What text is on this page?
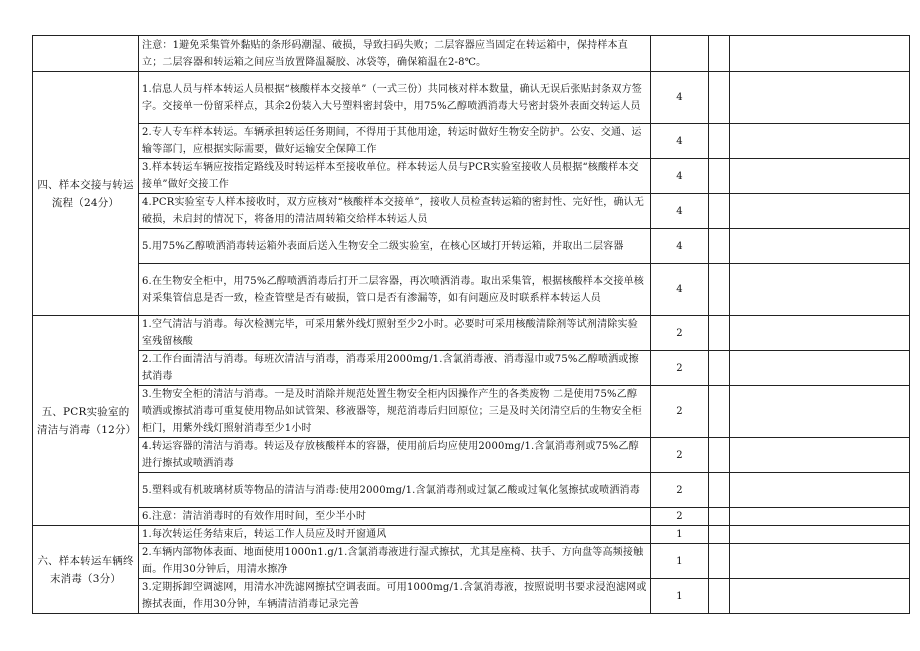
	注意：1避免采集管外黏贴的条形码潮湿、破损，导致扫码失败；二层容器应当固定在转运箱中，保持样本直立；二层容器和转运箱之间应当放置降温凝胶、冰袋等，确保箱温在2-8℃。			
四、样本交接与转运流程（24分）	1.信息人员与样本转运人员根据“核酸样本交接单”（一式三份）共同核对样本数量，确认无误后张贴封条双方签字。交接单一份留采样点，其余2份装入大号塑料密封袋中，用75%乙醇喷洒消毒大号密封袋外表面交转运人员	4		
	2.专人专车样本转运。车辆承担转运任务期间，不得用于其他用途，转运时做好生物安全防护。公安、交通、运输等部门，应根据实际需要，做好运输安全保障工作	4		
	3.样本转运车辆应按指定路线及时转运样本至接收单位。样本转运人员与PCR实验室接收人员根据“核酸样本交接单”做好交接工作	4		
	4.PCR实验室专人样本接收时，双方应核对“核酸样本交接单”，接收人员检查转运箱的密封性、完好性，确认无破损，未启封的情况下，将备用的清洁周转箱交给样本转运人员	4		
	5.用75%乙醇喷洒消毒转运箱外表面后送入生物安全二级实验室，在核心区域打开转运箱，并取出二层容器	4		
	6.在生物安全柜中，用75%乙醇喷洒消毒后打开二层容器，再次喷洒消毒。取出采集管，根据核酸样本交接单核对采集管信息是否一致，检查管壁是否有破损，管口是否有渗漏等，如有问题应及时联系样本转运人员	4		
五、PCR实验室的清洁与消毒（12分）	1.空气清洁与消毒。每次检测完毕，可采用紫外线灯照射至少2小时。必要时可采用核酸清除剂等试剂清除实验室残留核酸	2		
	2.工作台面清洁与消毒。每班次清洁与消毒，消毒采用2000mg/1.含氯消毒液、消毒湿巾或75%乙醇喷洒或擦拭消毒	2		
	3.生物安全柜的清洁与消毒。一是及时消除并规范处置生物安全柜内因操作产生的各类废物 二是使用75%乙醇喷洒或擦拭消毒可重复使用物品如试管架、移液器等，规范消毒后归回原位；三是及时关闭清空后的生物安全柜柜门，用紫外线灯照射消毒至少1小时	2		
	4.转运容器的清洁与消毒。转运及存放核酸样本的容器，使用前后均应使用2000mg/1.含氯消毒剂或75%乙醇进行擦拭或喷洒消毒	2		
	5.塑料或有机玻璃材质等物品的清洁与消毒:使用2000mg/1.含氯消毒剂或过氯乙酸或过氧化氢擦拭或喷洒消毒	2		
	6.注意：清洁消毒时的有效作用时间，至少半小时	2		
六、样本转运车辆终末消毒（3分）	1.每次转运任务结束后，转运工作人员应及时开窗通风	1		
	2.车辆内部物体表面、地面使用1000n1.g/1.含氯消毒液进行湿式擦拭，尤其是座椅、扶手、方向盘等高频接触面。作用30分钟后，用清水擦净	1		
	3.定期拆卸空调滤网，用清水冲洗滤网擦拭空调表面。可用1000mg/1.含氯消毒液，按照说明书要求浸泡滤网或擦拭表面，作用30分钟，车辆清洁消毒记录完善	1		
